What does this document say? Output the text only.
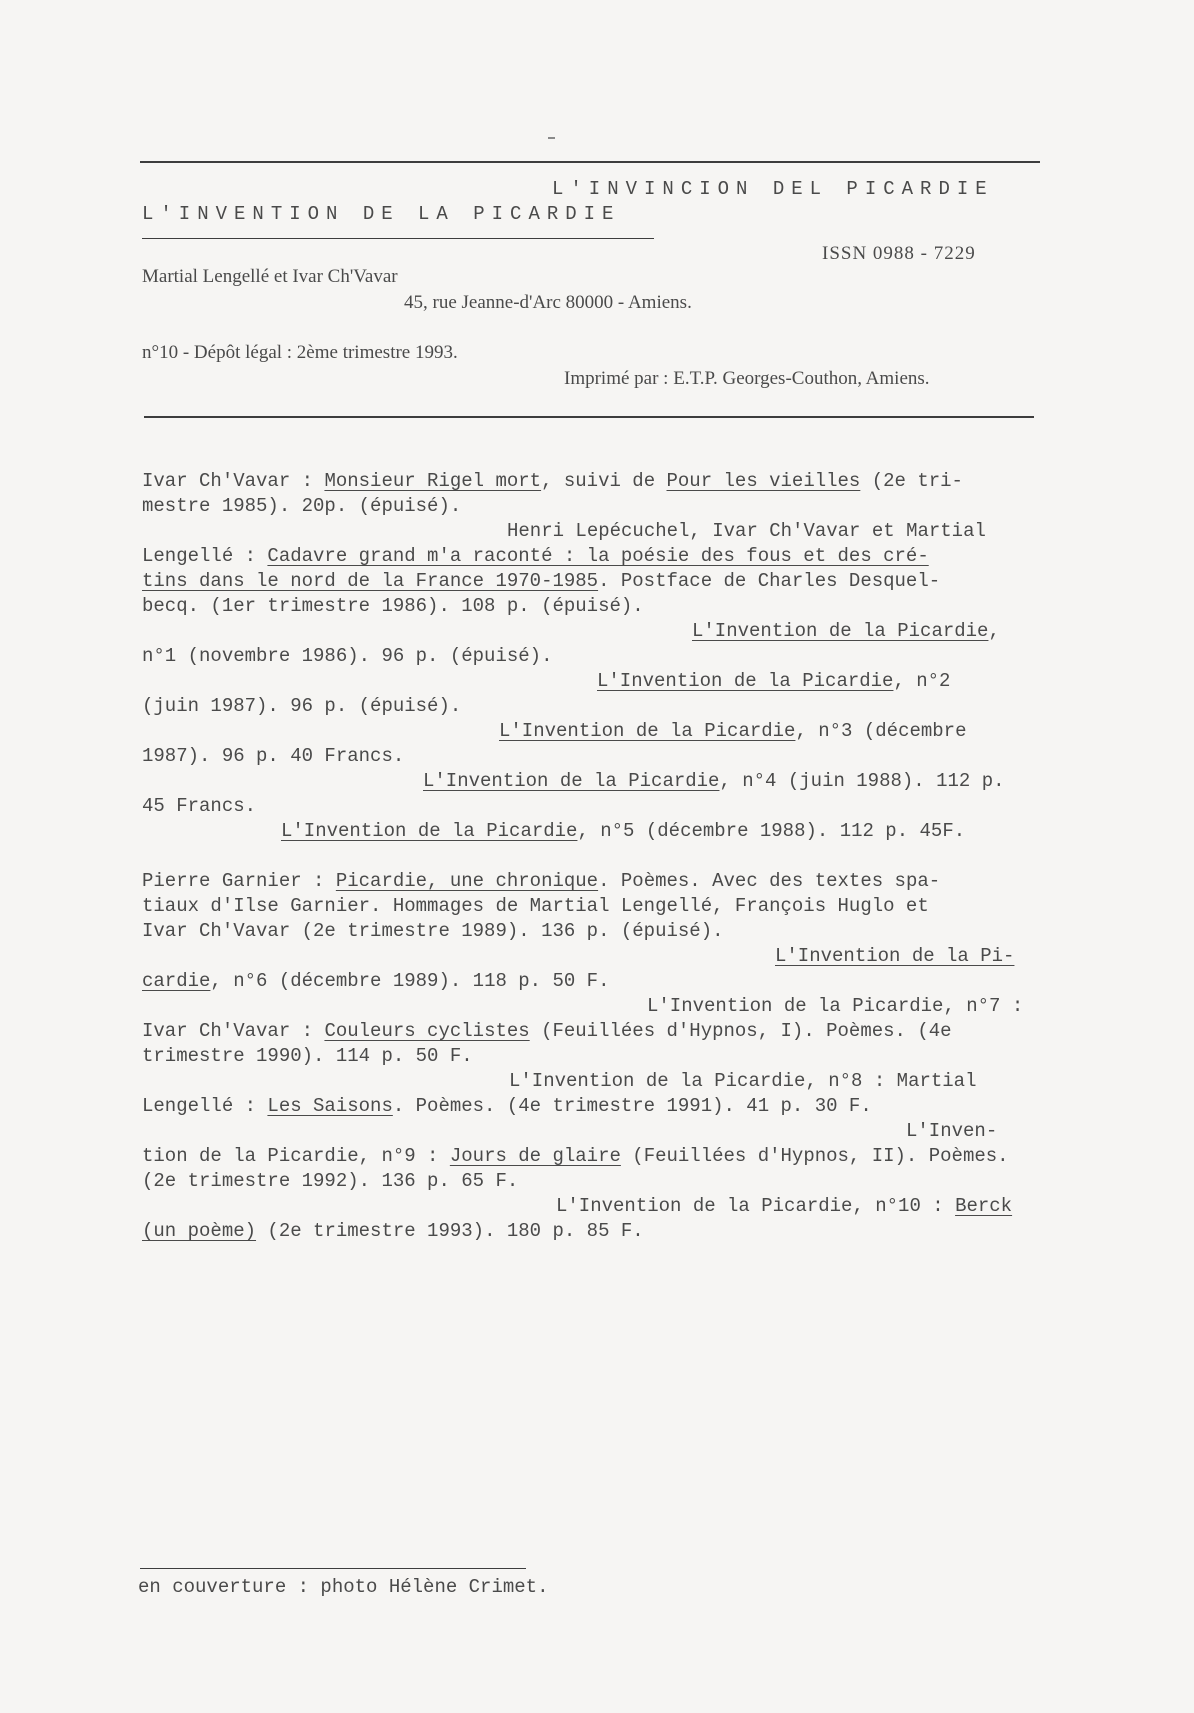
L'INVINCION DEL PICARDIE
L'INVENTION DE LA PICARDIE
ISSN 0988 - 7229
Martial Lengellé et Ivar Ch'Vavar
45, rue Jeanne-d'Arc 80000 - Amiens.
n°10 - Dépôt légal : 2ème trimestre 1993.
Imprimé par : E.T.P. Georges-Couthon, Amiens.
Ivar Ch'Vavar : Monsieur Rigel mort, suivi de Pour les vieilles (2e tri-
mestre 1985). 20p. (épuisé).
Henri Lepécuchel, Ivar Ch'Vavar et Martial
Lengellé : Cadavre grand m'a raconté : la poésie des fous et des cré-
tins dans le nord de la France 1970-1985. Postface de Charles Desquel-
becq. (1er trimestre 1986). 108 p. (épuisé).
L'Invention de la Picardie,
n°1 (novembre 1986). 96 p. (épuisé).
L'Invention de la Picardie, n°2
(juin 1987). 96 p. (épuisé).
L'Invention de la Picardie, n°3 (décembre
1987). 96 p. 40 Francs.
L'Invention de la Picardie, n°4 (juin 1988). 112 p.
45 Francs.
L'Invention de la Picardie, n°5 (décembre 1988). 112 p. 45F.
Pierre Garnier : Picardie, une chronique. Poèmes. Avec des textes spa-
tiaux d'Ilse Garnier. Hommages de Martial Lengellé, François Huglo et
Ivar Ch'Vavar (2e trimestre 1989). 136 p. (épuisé).
L'Invention de la Pi-
cardie, n°6 (décembre 1989). 118 p. 50 F.
L'Invention de la Picardie, n°7 :
Ivar Ch'Vavar : Couleurs cyclistes (Feuillées d'Hypnos, I). Poèmes. (4e
trimestre 1990). 114 p. 50 F.
L'Invention de la Picardie, n°8 : Martial
Lengellé : Les Saisons. Poèmes. (4e trimestre 1991). 41 p. 30 F.
L'Inven-
tion de la Picardie, n°9 : Jours de glaire (Feuillées d'Hypnos, II). Poèmes.
(2e trimestre 1992). 136 p. 65 F.
L'Invention de la Picardie, n°10 : Berck
(un poème) (2e trimestre 1993). 180 p. 85 F.
en couverture : photo Hélène Crimet.
